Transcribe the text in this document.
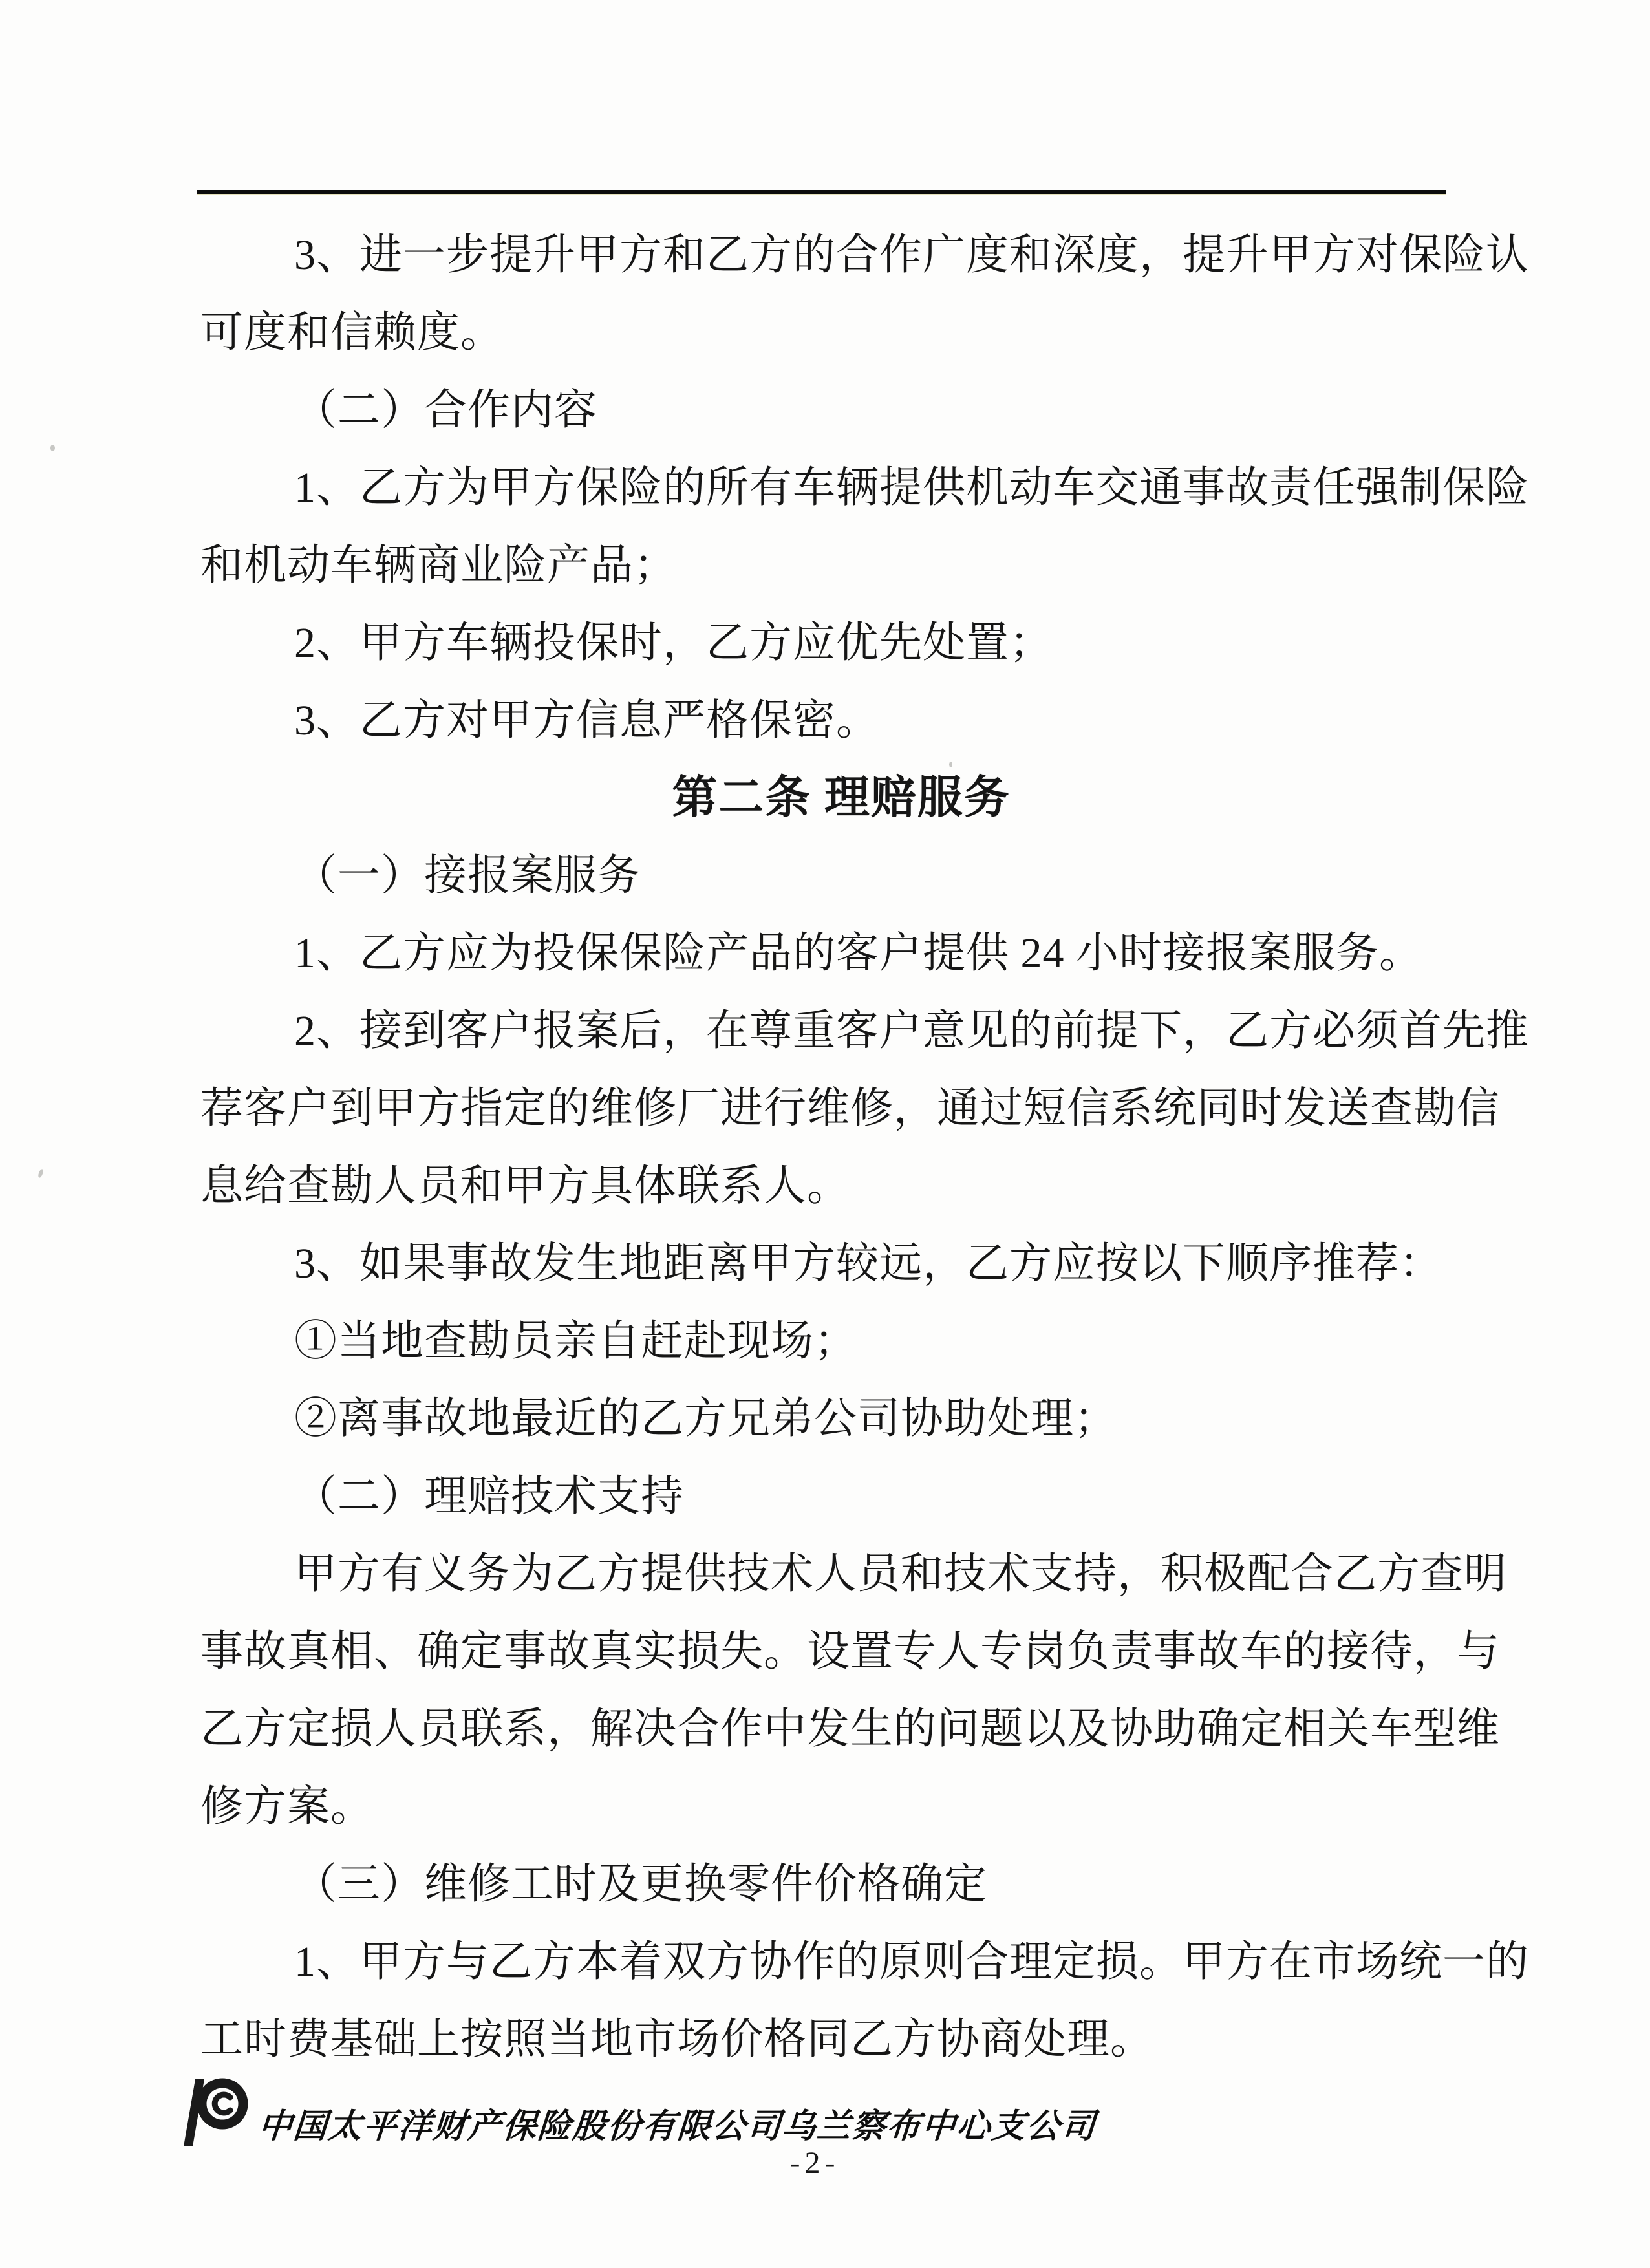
3、进一步提升甲方和乙方的合作广度和深度，提升甲方对保险认
可度和信赖度。
（二）合作内容
1、乙方为甲方保险的所有车辆提供机动车交通事故责任强制保险
和机动车辆商业险产品；
2、甲方车辆投保时，乙方应优先处置；
3、乙方对甲方信息严格保密。
第二条 理赔服务
（一）接报案服务
1、乙方应为投保保险产品的客户提供 24 小时接报案服务。
2、接到客户报案后，在尊重客户意见的前提下，乙方必须首先推
荐客户到甲方指定的维修厂进行维修，通过短信系统同时发送查勘信
息给查勘人员和甲方具体联系人。
3、如果事故发生地距离甲方较远，乙方应按以下顺序推荐：
①当地查勘员亲自赶赴现场；
②离事故地最近的乙方兄弟公司协助处理；
（二）理赔技术支持
甲方有义务为乙方提供技术人员和技术支持，积极配合乙方查明
事故真相、确定事故真实损失。设置专人专岗负责事故车的接待，与
乙方定损人员联系，解决合作中发生的问题以及协助确定相关车型维
修方案。
（三）维修工时及更换零件价格确定
1、甲方与乙方本着双方协作的原则合理定损。甲方在市场统一的
工时费基础上按照当地市场价格同乙方协商处理。
中国太平洋财产保险股份有限公司乌兰察布中心支公司
-2-
